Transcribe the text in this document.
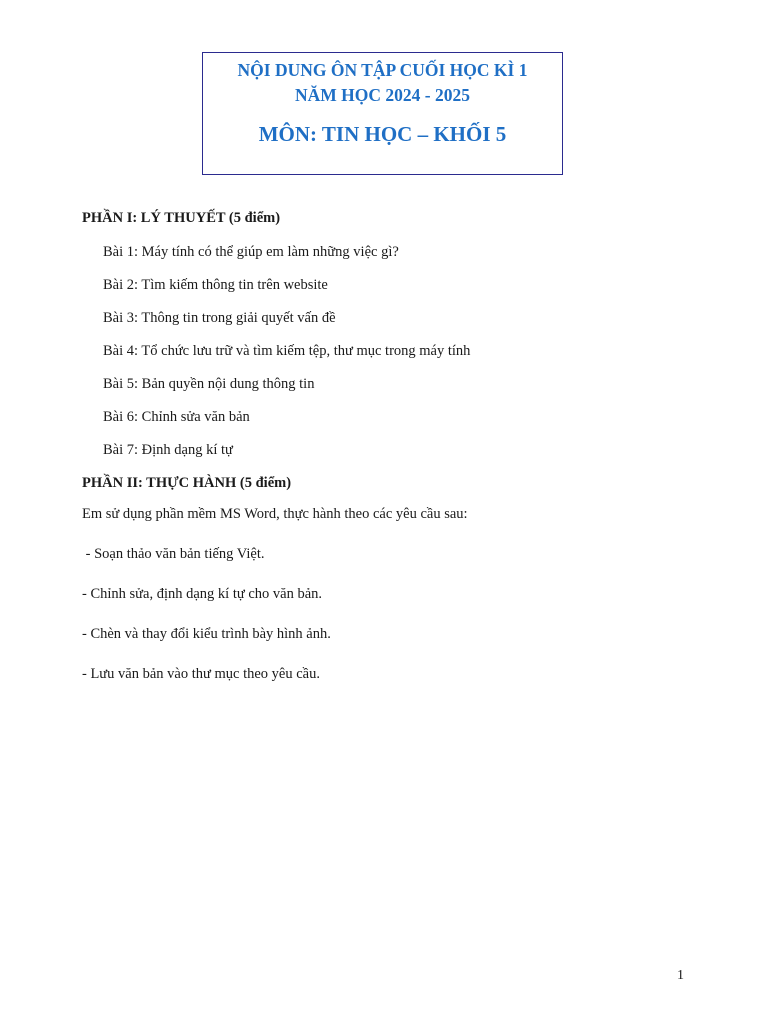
NỘI DUNG ÔN TẬP CUỐI HỌC KÌ 1
NĂM HỌC 2024 - 2025
MÔN: TIN HỌC – KHỐI 5
PHẦN I: LÝ THUYẾT (5 điểm)
Bài 1: Máy tính có thể giúp em làm những việc gì?
Bài 2: Tìm kiếm thông tin trên website
Bài 3: Thông tin trong giải quyết vấn đề
Bài 4: Tổ chức lưu trữ và tìm kiếm tệp, thư mục trong máy tính
Bài 5: Bản quyền nội dung thông tin
Bài 6: Chỉnh sửa văn bản
Bài 7: Định dạng kí tự
PHẦN II: THỰC HÀNH (5 điểm)
Em sử dụng phần mềm MS Word, thực hành theo các yêu cầu sau:
- Soạn thảo văn bản tiếng Việt.
- Chỉnh sửa, định dạng kí tự cho văn bản.
- Chèn và thay đổi kiểu trình bày hình ảnh.
- Lưu văn bản vào thư mục theo yêu cầu.
1
